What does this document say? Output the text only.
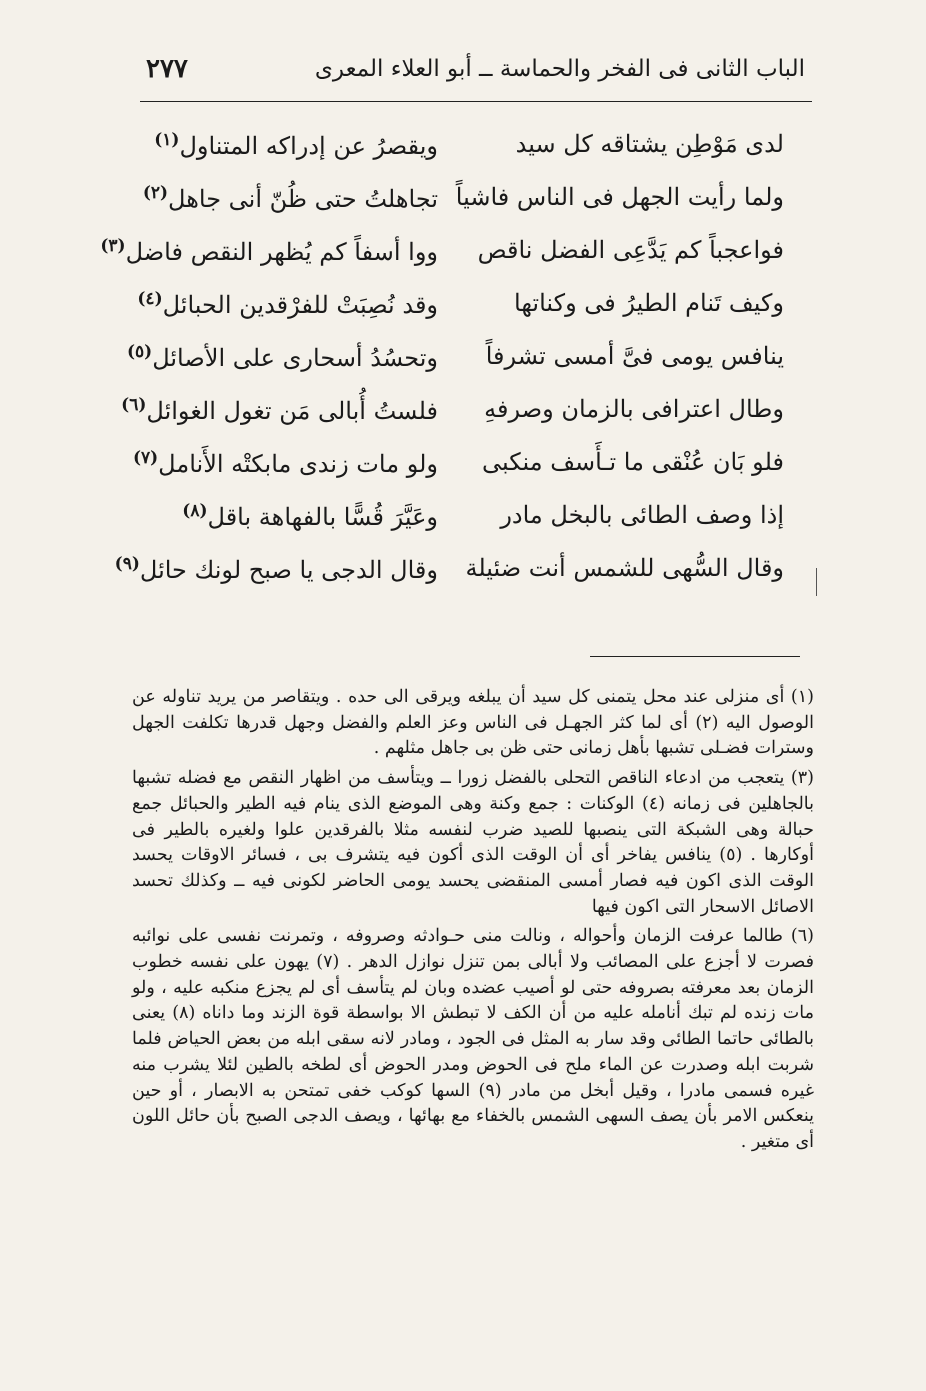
الباب الثانى فى الفخر والحماسة ــ أبو العلاء المعرى
٢٧٧
لدى مَوْطِن يشتاقه كل سيد
ويقصرُ عن إدراكه المتناول$^{(١)}$
ولما رأيت الجهل فى الناس فاشياً
تجاهلتُ حتى ظُنّ أنى جاهل$^{(٢)}$
فواعجباً كم يَدَّعِى الفضل ناقص
ووا أسفاً كم يُظهر النقص فاضل$^{(٣)}$
وكيف تَنام الطيرُ فى وكناتها
وقد نُصِبَتْ للفرْقدين الحبائل$^{(٤)}$
ينافس يومى فىَّ أمسى تشرفاً
وتحسُدُ أسحارى على الأصائل$^{(٥)}$
وطال اعترافى بالزمان وصرفهِ
فلستُ أُبالى مَن تغول الغوائل$^{(٦)}$
فلو بَان عُنْقى ما تـأَسف منكبى
ولو مات زندى مابكتْه الأَنامل$^{(٧)}$
إذا وصف الطائى بالبخل مادر
وعَيَّرَ قُسًّا بالفهاهة باقل$^{(٨)}$
وقال السُّهى للشمس أنت ضئيلة
وقال الدجى يا صبح لونك حائل$^{(٩)}$

(١) أى منزلى عند محل يتمنى كل سيد أن يبلغه ويرقى الى حده . ويتقاصر من يريد تناوله عن الوصول اليه (٢) أى لما كثر الجهـل فى الناس وعز العلم والفضل وجهل قدرها تكلفت الجهل وسترات فضـلى تشبها بأهل زمانى حتى ظن بى جاهل مثلهم .

(٣) يتعجب من ادعاء الناقص التحلى بالفضل زورا ــ ويتأسف من اظهار النقص مع فضله تشبها بالجاهلين فى زمانه (٤) الوكنات : جمع وكنة وهى الموضع الذى ينام فيه الطير والحبائل جمع حبالة وهى الشبكة التى ينصبها للصيد ضرب لنفسه مثلا بالفرقدين علوا ولغيره بالطير فى أوكارها . (٥) ينافس يفاخر أى أن الوقت الذى أكون فيه يتشرف بى ، فسائر الاوقات يحسد الوقت الذى اكون فيه فصار أمسى المنقضى يحسد يومى الحاضر لكونى فيه ــ وكذلك تحسد الاصائل الاسحار التى اكون فيها

(٦) طالما عرفت الزمان وأحواله ، ونالت منى حـوادثه وصروفه ، وتمرنت نفسى على نوائبه فصرت لا أجزع على المصائب ولا أبالى بمن تنزل نوازل الدهر . (٧) يهون على نفسه خطوب الزمان بعد معرفته بصروفه حتى لو أصيب عضده وبان لم يتأسف أى لم يجزع منكبه عليه ، ولو مات زنده لم تبك أنامله عليه من أن الكف لا تبطش الا بواسطة قوة الزند وما داناه (٨) يعنى بالطائى حاتما الطائى وقد سار به المثل فى الجود ، ومادر لانه سقى ابله من بعض الحياض فلما شربت ابله وصدرت عن الماء ملح فى الحوض ومدر الحوض أى لطخه بالطين لئلا يشرب منه غيره فسمى مادرا ، وقيل أبخل من مادر (٩) السها كوكب خفى تمتحن به الابصار ، أو حين ينعكس الامر بأن يصف السهى الشمس بالخفاء مع بهائها ، ويصف الدجى الصبح بأن حائل اللون أى متغير .
